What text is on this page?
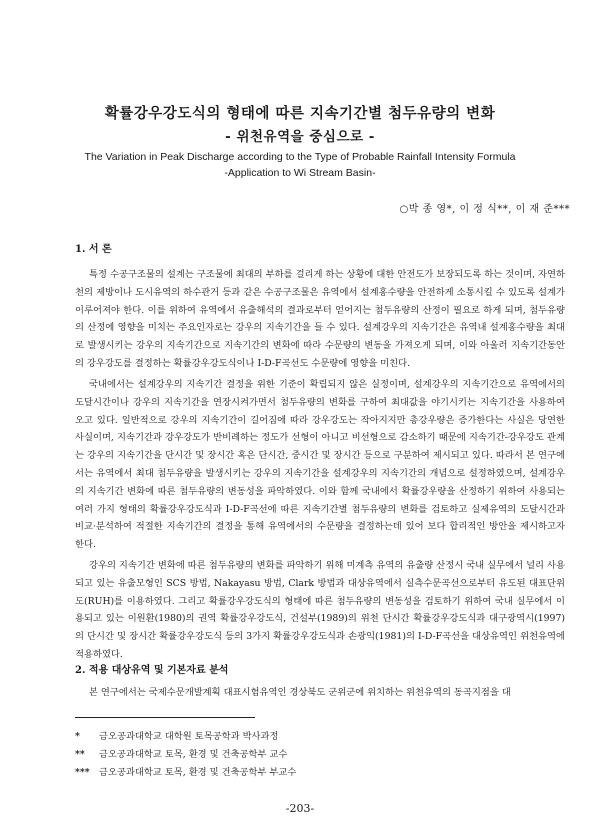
확률강우강도식의 형태에 따른 지속기간별 첨두유량의 변화
- 위천유역을 중심으로 -
The Variation in Peak Discharge according to the Type of Probable Rainfall Intensity Formula
-Application to Wi Stream Basin-
○박 종 영*, 이 정 식**, 이 재 준***
1. 서 론

특정 수공구조물의 설계는 구조물에 최대의 부하를 걸리게 하는 상황에 대한 안전도가 보장되도록 하는 것이며, 자연하천의 제방이나 도시유역의 하수관거 등과 같은 수공구조물은 유역에서 설계홍수량을 안전하게 소통시킬 수 있도록 설계가 이루어져야 한다. 이를 위하여 유역에서 유출해석의 결과로부터 얻어지는 첨두유량의 산정이 필요로 하게 되며, 첨두유량의 산정에 영향을 미치는 주요인자로는 강우의 지속기간을 들 수 있다. 설계강우의 지속기간은 유역내 설계홍수량을 최대로 발생시키는 강우의 지속기간으로 지속기간의 변화에 따라 수문량의 변동을 가져오게 되며, 이와 아울러 지속기간동안의 강우강도를 결정하는 확률강우강도식이나 I-D-F곡선도 수문량에 영향을 미친다.

국내에서는 설계강우의 지속기간 결정을 위한 기준이 확립되지 않은 실정이며, 설계강우의 지속기간으로 유역에서의 도달시간이나 강우의 지속기간을 연장시켜가면서 첨두유량의 변화를 구하여 최대값을 야기시키는 지속기간을 사용하여 오고 있다. 일반적으로 강우의 지속기간이 길어짐에 따라 강우강도는 작아지지만 총강우량은 증가한다는 사실은 당연한 사실이며, 지속기간과 강우강도가 반비례하는 정도가 선형이 아니고 비선형으로 감소하기 때문에 지속기간-강우강도 관계는 강우의 지속기간을 단시간 및 장시간 혹은 단시간, 중시간 및 장시간 등으로 구분하여 제시되고 있다. 따라서 본 연구에서는 유역에서 최대 첨두유량을 발생시키는 강우의 지속기간을 설계강우의 지속기간의 개념으로 설정하였으며, 설계강우의 지속기간 변화에 따른 첨두유량의 변동성을 파악하였다. 이와 함께 국내에서 확률강우량을 산정하기 위하여 사용되는 여러 가지 형태의 확률강우강도식과 I-D-F곡선에 따른 지속기간별 첨두유량의 변화를 검토하고 실제유역의 도달시간과 비교·분석하여 적절한 지속기간의 결정을 통해 유역에서의 수문량을 결정하는데 있어 보다 합리적인 방안을 제시하고자 한다.

강우의 지속기간 변화에 따른 첨두유량의 변화를 파악하기 위해 미계측 유역의 유출량 산정시 국내 실무에서 널리 사용되고 있는 유출모형인 SCS 방법, Nakayasu 방법, Clark 방법과 대상유역에서 실측수문곡선으로부터 유도된 대표단위도(RUH)를 이용하였다. 그리고 확률강우강도식의 형태에 따른 첨두유량의 변동성을 검토하기 위하여 국내 실무에서 이용되고 있는 이원환(1980)의 권역 확률강우강도식, 건설부(1989)의 위천 단시간 확률강우강도식과 대구광역시(1997)의 단시간 및 장시간 확률강우강도식 등의 3가지 확률강우강도식과 손광익(1981)의 I-D-F곡선을 대상유역인 위천유역에 적용하였다.

2. 적용 대상유역 및 기본자료 분석

본 연구에서는 국제수문개발계획 대표시험유역인 경상북도 군위군에 위치하는 위천유역의 동곡지점을 대

* 금오공과대학교 대학원 토목공학과 박사과정
** 금오공과대학교 토목, 환경 및 건축공학부 교수
*** 금오공과대학교 토목, 환경 및 건축공학부 부교수
-203-
